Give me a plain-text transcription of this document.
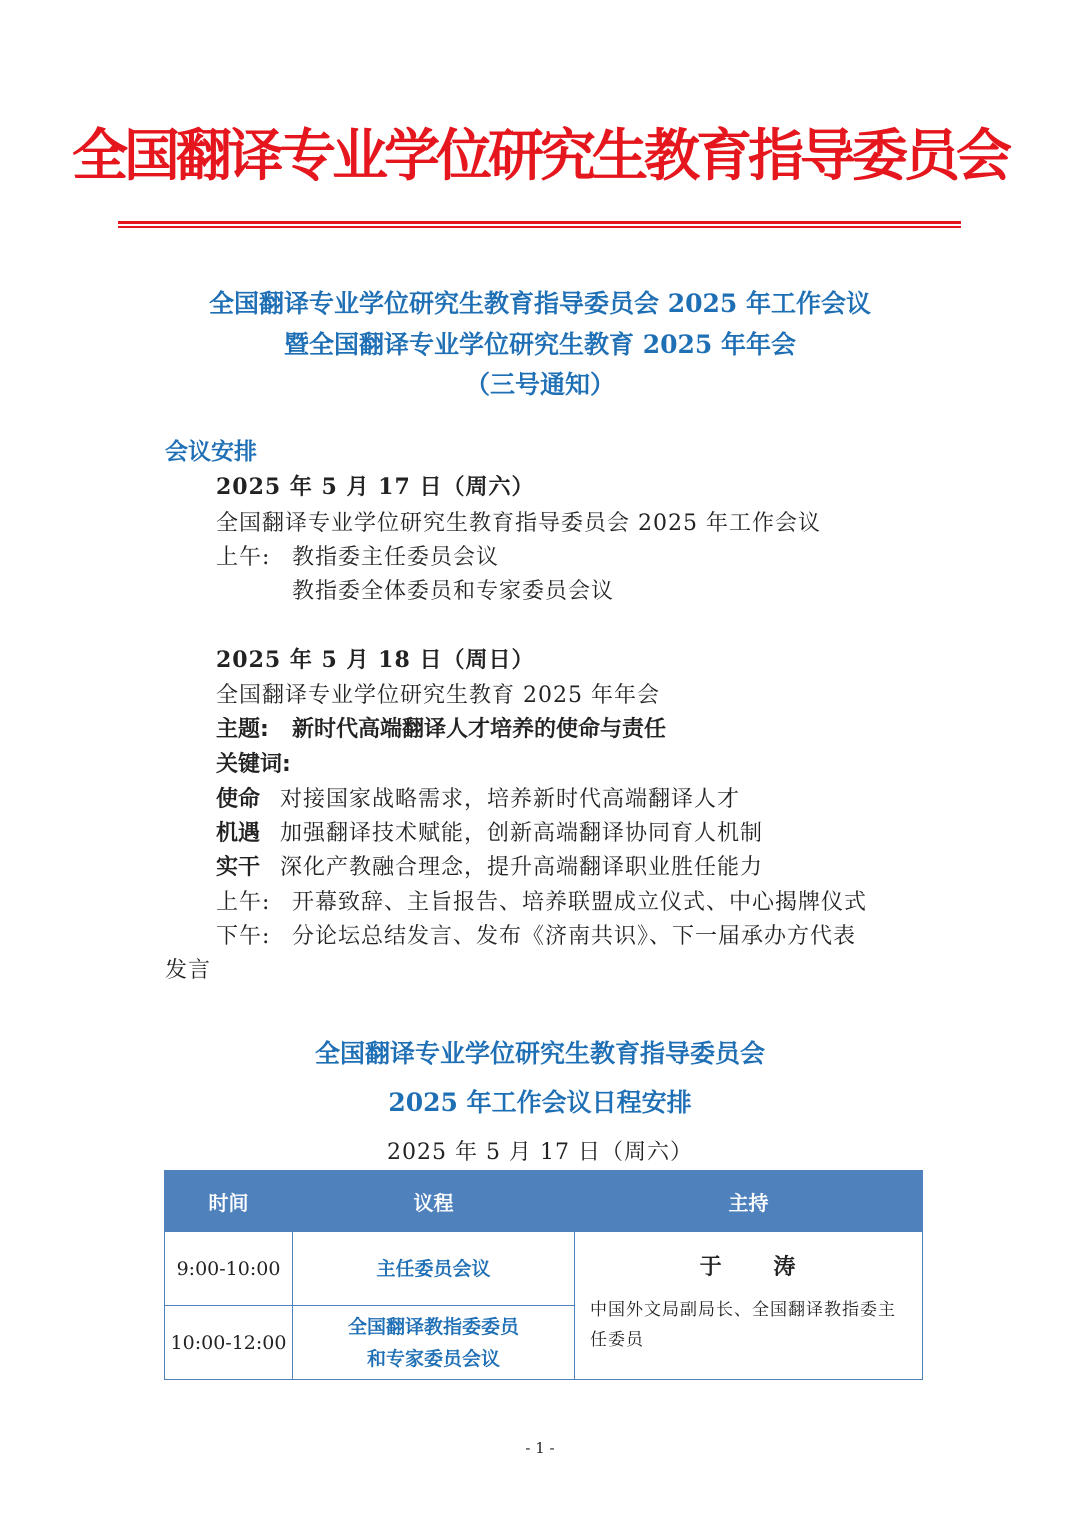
全国翻译专业学位研究生教育指导委员会
全国翻译专业学位研究生教育指导委员会 2025 年工作会议
暨全国翻译专业学位研究生教育 2025 年年会
（三号通知）
会议安排
2025 年 5 月 17 日（周六）
全国翻译专业学位研究生教育指导委员会 2025 年工作会议
上午: 教指委主任委员会议
教指委全体委员和专家委员会议
2025 年 5 月 18 日（周日）
全国翻译专业学位研究生教育 2025 年年会
主题: 新时代高端翻译人才培养的使命与责任
关键词:
使命 对接国家战略需求，培养新时代高端翻译人才
机遇 加强翻译技术赋能，创新高端翻译协同育人机制
实干 深化产教融合理念，提升高端翻译职业胜任能力
上午: 开幕致辞、主旨报告、培养联盟成立仪式、中心揭牌仪式
下午: 分论坛总结发言、发布《济南共识》、下一届承办方代表
发言
全国翻译专业学位研究生教育指导委员会
2025 年工作会议日程安排
2025 年 5 月 17 日（周六）
时间	议程	主持
9:00-10:00	主任委员会议	于 涛
中国外文局副局长、全国翻译教指委主任委员

10:00-12:00	全国翻译教指委委员
和专家委员会议	
- 1 -
